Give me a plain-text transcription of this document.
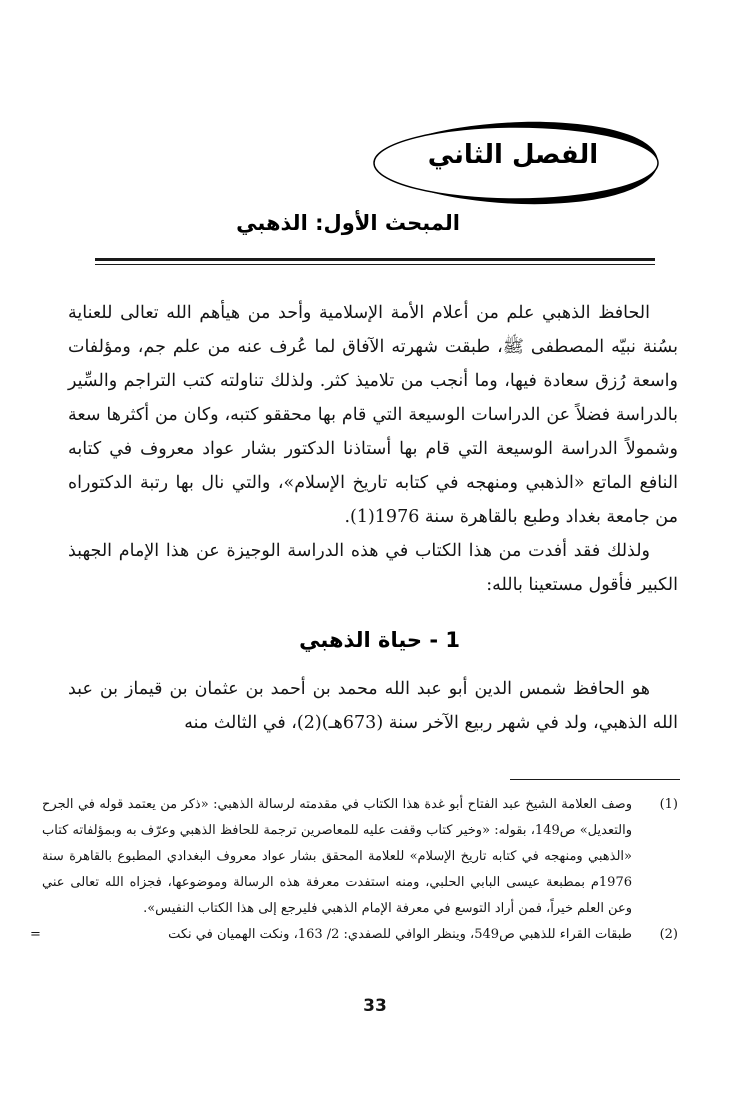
الفصل الثاني
المبحث الأول: الذهبي

الحافظ الذهبي علم من أعلام الأمة الإسلامية وأحد من هيأهم الله تعالى للعناية بسُنة نبيّه المصطفى ﷺ، طبقت شهرته الآفاق لما عُرف عنه من علم جم، ومؤلفات واسعة رُزق سعادة فيها، وما أنجب من تلاميذ كثر. ولذلك تناولته كتب التراجم والسِّير بالدراسة فضلاً عن الدراسات الوسيعة التي قام بها محققو كتبه، وكان من أكثرها سعة وشمولاً الدراسة الوسيعة التي قام بها أستاذنا الدكتور بشار عواد معروف في كتابه النافع الماتع «الذهبي ومنهجه في كتابه تاريخ الإسلام»، والتي نال بها رتبة الدكتوراه من جامعة بغداد وطبع بالقاهرة سنة 1976(1).

ولذلك فقد أفدت من هذا الكتاب في هذه الدراسة الوجيزة عن هذا الإمام الجهبذ الكبير فأقول مستعينا بالله:

1 - حياة الذهبي

هو الحافظ شمس الدين أبو عبد الله محمد بن أحمد بن عثمان بن قيماز بن عبد الله الذهبي، ولد في شهر ربيع الآخر سنة (673هـ)(2)، في الثالث منه

(1)
وصف العلامة الشيخ عبد الفتاح أبو غدة هذا الكتاب في مقدمته لرسالة الذهبي: «ذكر من يعتمد قوله في الجرح والتعديل» ص149، بقوله: «وخير كتاب وقفت عليه للمعاصرين ترجمة للحافظ الذهبي وعرّف به وبمؤلفاته كتاب «الذهبي ومنهجه في كتابه تاريخ الإسلام» للعلامة المحقق بشار عواد معروف البغدادي المطبوع بالقاهرة سنة 1976م بمطبعة عيسى البابي الحلبي، ومنه استفدت معرفة هذه الرسالة وموضوعها، فجزاه الله تعالى عني وعن العلم خيراً، فمن أراد التوسع في معرفة الإمام الذهبي فليرجع إلى هذا الكتاب النفيس».
(2)
طبقات القراء للذهبي ص549، وينظر الوافي للصفدي: 2/ 163، ونكت الهميان في نكت
=
33
